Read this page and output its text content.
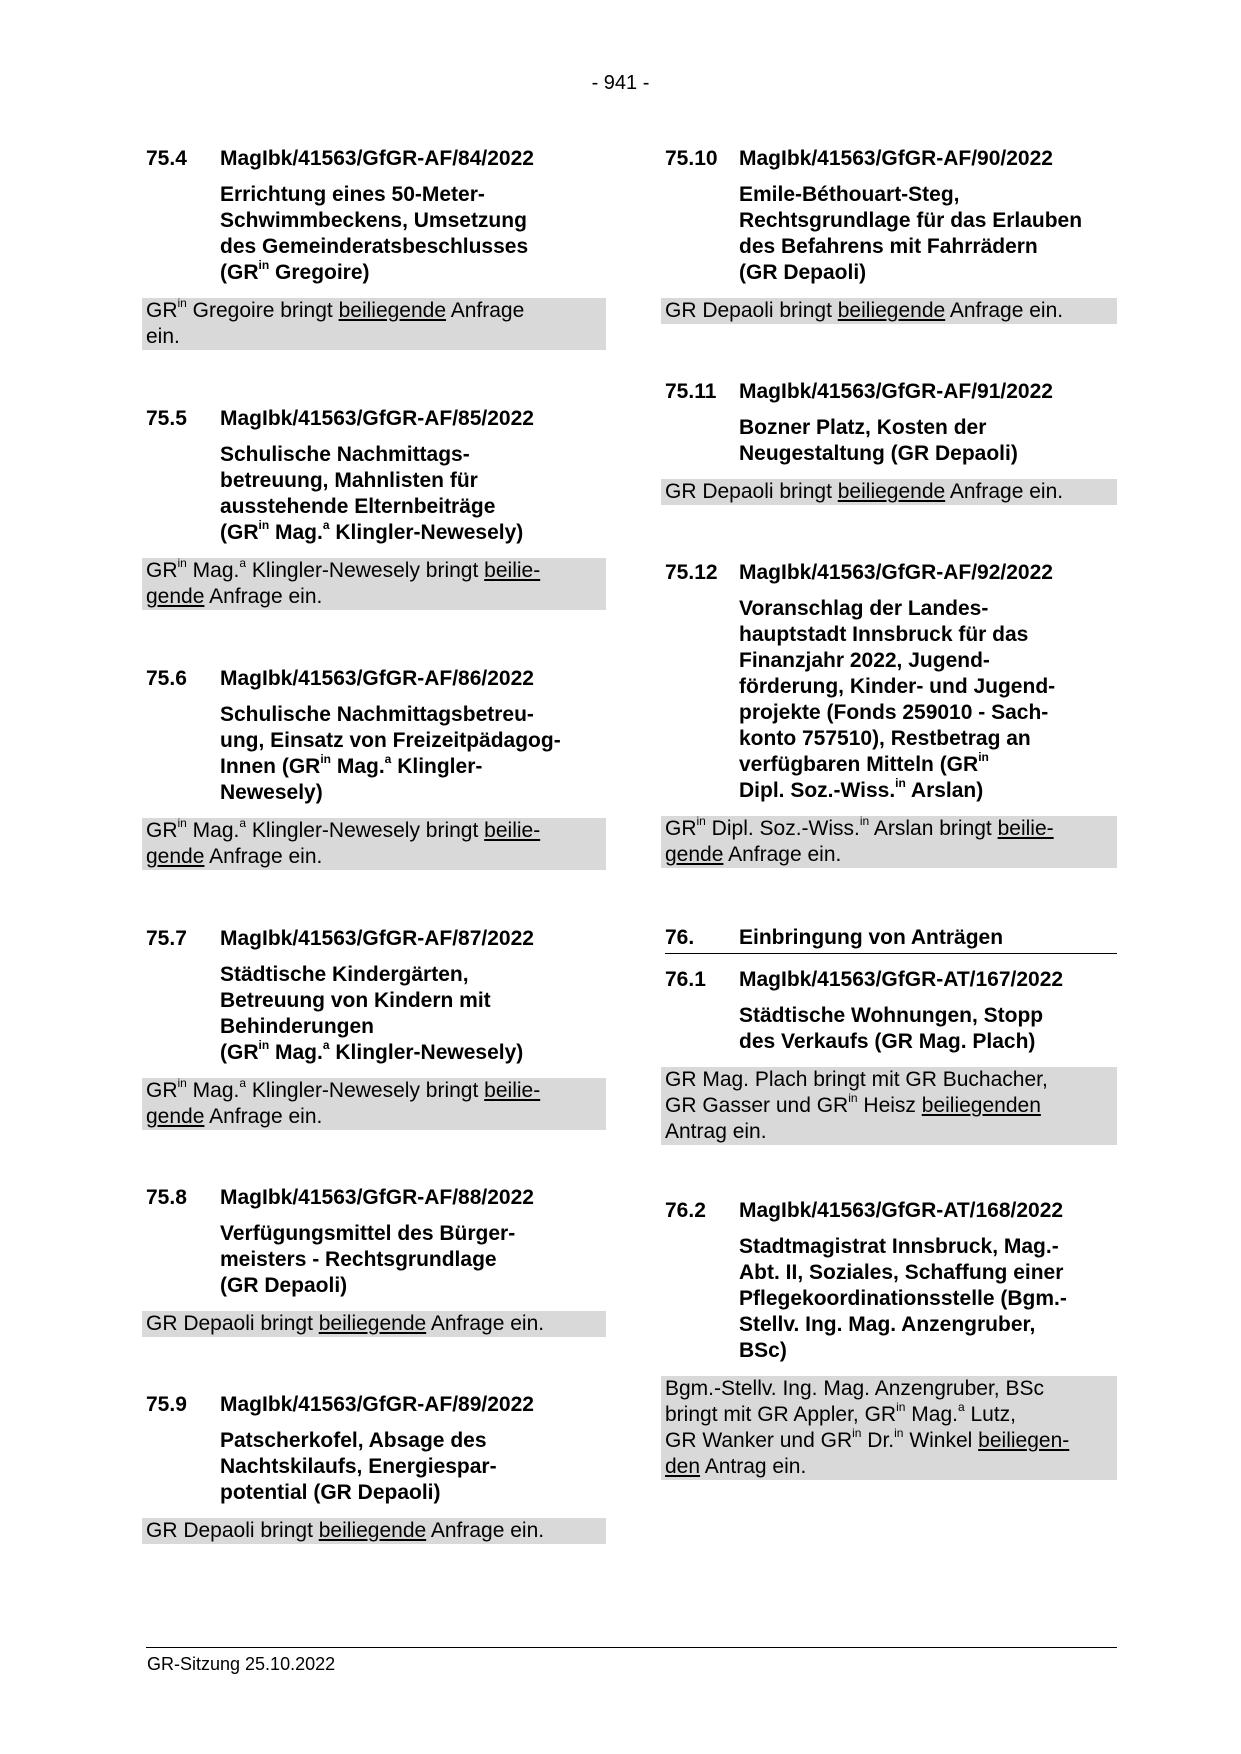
- 941 -
75.4	MagIbk/41563/GfGR-AF/84/2022
Errichtung eines 50-Meter-
Schwimmbeckens, Umsetzung
des Gemeinderatsbeschlusses
($GR^{in}$ Gregoire)
$GR^{in}$ Gregoire bringt beiliegende Anfrage
ein.
75.5	MagIbk/41563/GfGR-AF/85/2022
Schulische Nachmittags-
betreuung, Mahnlisten für
ausstehende Elternbeiträge
($GR^{in}$ Mag.$^a$ Klingler-Newesely)
$GR^{in}$ Mag.$^a$ Klingler-Newesely bringt beilie-
gende Anfrage ein.
75.6	MagIbk/41563/GfGR-AF/86/2022
Schulische Nachmittagsbetreu-
ung, Einsatz von Freizeitpädagog-
Innen ($GR^{in}$ Mag.$^a$ Klingler-
Newesely)
$GR^{in}$ Mag.$^a$ Klingler-Newesely bringt beilie-
gende Anfrage ein.
75.7	MagIbk/41563/GfGR-AF/87/2022
Städtische Kindergärten,
Betreuung von Kindern mit
Behinderungen
($GR^{in}$ Mag.$^a$ Klingler-Newesely)
$GR^{in}$ Mag.$^a$ Klingler-Newesely bringt beilie-
gende Anfrage ein.
75.8	MagIbk/41563/GfGR-AF/88/2022
Verfügungsmittel des Bürger-
meisters - Rechtsgrundlage
(GR Depaoli)
GR Depaoli bringt beiliegende Anfrage ein.
75.9	MagIbk/41563/GfGR-AF/89/2022
Patscherkofel, Absage des
Nachtskilaufs, Energiespar-
potential (GR Depaoli)
GR Depaoli bringt beiliegende Anfrage ein.
75.10	MagIbk/41563/GfGR-AF/90/2022
Emile-Béthouart-Steg,
Rechtsgrundlage für das Erlauben
des Befahrens mit Fahrrädern
(GR Depaoli)
GR Depaoli bringt beiliegende Anfrage ein.
75.11	MagIbk/41563/GfGR-AF/91/2022
Bozner Platz, Kosten der
Neugestaltung (GR Depaoli)
GR Depaoli bringt beiliegende Anfrage ein.
75.12	MagIbk/41563/GfGR-AF/92/2022
Voranschlag der Landes-
hauptstadt Innsbruck für das
Finanzjahr 2022, Jugend-
förderung, Kinder- und Jugend-
projekte (Fonds 259010 - Sach-
konto 757510), Restbetrag an
verfügbaren Mitteln ($GR^{in}$
Dipl. Soz.-Wiss.$^{in}$ Arslan)
$GR^{in}$ Dipl. Soz.-Wiss.$^{in}$ Arslan bringt beilie-
gende Anfrage ein.
76.	Einbringung von Anträgen
76.1	MagIbk/41563/GfGR-AT/167/2022
Städtische Wohnungen, Stopp
des Verkaufs (GR Mag. Plach)
GR Mag. Plach bringt mit GR Buchacher,
GR Gasser und $GR^{in}$ Heisz beiliegenden
Antrag ein.
76.2	MagIbk/41563/GfGR-AT/168/2022
Stadtmagistrat Innsbruck, Mag.-
Abt. II, Soziales, Schaffung einer
Pflegekoordinationsstelle (Bgm.-
Stellv. Ing. Mag. Anzengruber,
BSc)
Bgm.-Stellv. Ing. Mag. Anzengruber, BSc
bringt mit GR Appler, $GR^{in}$ Mag.$^a$ Lutz,
GR Wanker und $GR^{in}$ Dr.$^{in}$ Winkel beiliegen-
den Antrag ein.
GR-Sitzung 25.10.2022
